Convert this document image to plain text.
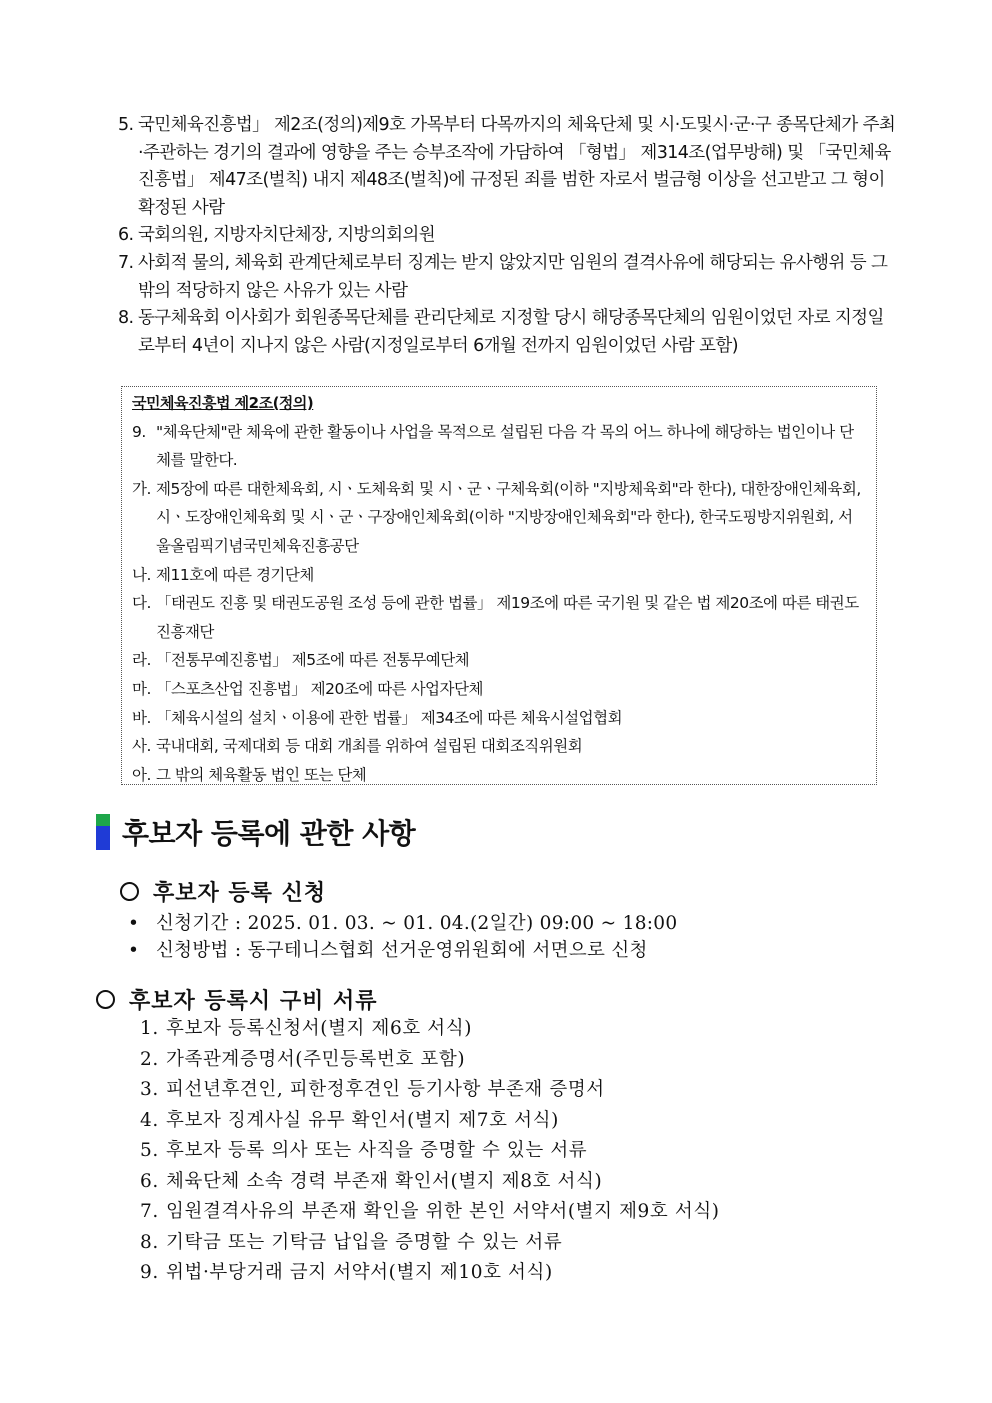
5. 국민체육진흥법」 제2조(정의)제9호 가목부터 다목까지의 체육단체 및 시·도및시·군·구 종목단체가 주최·주관하는 경기의 결과에 영향을 주는 승부조작에 가담하여 「형법」 제314조(업무방해) 및 「국민체육진흥법」 제47조(벌칙) 내지 제48조(벌칙)에 규정된 죄를 범한 자로서 벌금형 이상을 선고받고 그 형이 확정된 사람
6. 국회의원, 지방자치단체장, 지방의회의원
7. 사회적 물의, 체육회 관계단체로부터 징계는 받지 않았지만 임원의 결격사유에 해당되는 유사행위 등 그 밖의 적당하지 않은 사유가 있는 사람
8. 동구체육회 이사회가 회원종목단체를 관리단체로 지정할 당시 해당종목단체의 임원이었던 자로 지정일로부터 4년이 지나지 않은 사람(지정일로부터 6개월 전까지 임원이었던 사람 포함)
국민체육진흥법 제2조(정의)
9. "체육단체"란 체육에 관한 활동이나 사업을 목적으로 설립된 다음 각 목의 어느 하나에 해당하는 법인이나 단체를 말한다.
가. 제5장에 따른 대한체육회, 시ㆍ도체육회 및 시ㆍ군ㆍ구체육회(이하 "지방체육회"라 한다), 대한장애인체육회, 시ㆍ도장애인체육회 및 시ㆍ군ㆍ구장애인체육회(이하 "지방장애인체육회"라 한다), 한국도핑방지위원회, 서울올림픽기념국민체육진흥공단
나. 제11호에 따른 경기단체
다. 「태권도 진흥 및 태권도공원 조성 등에 관한 법률」 제19조에 따른 국기원 및 같은 법 제20조에 따른 태권도진흥재단
라. 「전통무예진흥법」 제5조에 따른 전통무예단체
마. 「스포츠산업 진흥법」 제20조에 따른 사업자단체
바. 「체육시설의 설치ㆍ이용에 관한 법률」 제34조에 따른 체육시설업협회
사. 국내대회, 국제대회 등 대회 개최를 위하여 설립된 대회조직위원회
아. 그 밖의 체육활동 법인 또는 단체
후보자 등록에 관한 사항
후보자 등록 신청
• 신청기간 : 2025. 01. 03. ~ 01. 04.(2일간) 09:00 ~ 18:00
• 신청방법 : 동구테니스협회 선거운영위원회에 서면으로 신청
후보자 등록시 구비 서류
1. 후보자 등록신청서(별지 제6호 서식)
2. 가족관계증명서(주민등록번호 포함)
3. 피선년후견인, 피한정후견인 등기사항 부존재 증명서
4. 후보자 징계사실 유무 확인서(별지 제7호 서식)
5. 후보자 등록 의사 또는 사직을 증명할 수 있는 서류
6. 체육단체 소속 경력 부존재 확인서(별지 제8호 서식)
7. 임원결격사유의 부존재 확인을 위한 본인 서약서(별지 제9호 서식)
8. 기탁금 또는 기탁금 납입을 증명할 수 있는 서류
9. 위법·부당거래 금지 서약서(별지 제10호 서식)
